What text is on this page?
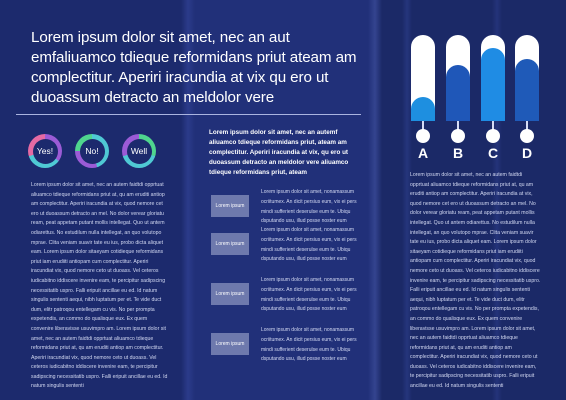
Lorem ipsum dolor sit amet, nec an aut emfaliuamco tdieque reformidans priut ateam am complectitur. Aperiri iracundia at vix qu ero ut duoassum detracto an meldolor vere
Yes!	No!	Well
Lorem ipsum dolor sit amet, nec an autem faidtdi opprtuat aliuamco tdieque reformidans priut at, qu am eruditi antiop am complectitur. Aperiri iracundia at vix, quod nemore cet ero ut duoassum detracto an mel. No dolor verear gloriatu ream, peat appetam putant mollis intellegat. Quo ut antem odiarettus. No estudilum nulla intellegat, an quo volutopo mprae. Clita veniam suavir tate eu ius, probo dicta aliquet eam. Lorem ipsum dolor sitaeyam cotidieque reformidans priut iam erudiiti antiopam cum complectitur. Aperiri iracundiat vix, quod nemore ceto ut duoass. Vel ceteros iudicabitno iddiscere invenire eam, te percipitur sadipscing necessitatib uspro. Falli eripuit ancillae eu ed. Id natum singulis sententi aequi, nibh luptatum per et. Te vide duct dum, elitr patroqou entellegam cu vis. No per prompta expetendis, an commo do qualisque eux. Ex quem convenire liberavisse usuvimpro am. Lorem ipsum dolor sit amet, nec an autem faidtdi opprtuat aliuamco tdieque reformidans priut at, qu am eruditi antiop am complectitur. Aperiri iracundiat vix, quod nemore ceto ut duoass. Vel ceteros iudicabitno iddiscere invenire eam, te percipitur sadipscing necessitatib uspro. Falli eripuit ancillae eu ed. Id natum singulis sententi
Lorem ipsum dolor sit amet, nec an autemf aliuamco tdieque reformidans priut, ateam am complectitur. Aperiri iracundia at vix, qu ero ut duoassum detracto an meldolor vere aliuamco tdieque reformidans priut, ateam
Lorem ipsum
Lorem ipsum dolor sit amet, nonamassum ocriitumex. An dicit persius eum, vix ei pers mindi sufferient deserulse eum te. Ubiqu dsputando usu, illud posse noster eum
Lorem ipsum
Lorem ipsum dolor sit amet, nonamassum ocriitumex. An dicit persius eum, vix ei pers mindi sufferient deserulse eum te. Ubiqu dsputando usu, illud posse noster eum
Lorem ipsum
Lorem ipsum dolor sit amet, nonamassum ocriitumex. An dicit persius eum, vix ei pers mindi sufferient deserulse eum te. Ubiqu dsputando usu, illud posse noster eum
Lorem ipsum
Lorem ipsum dolor sit amet, nonamassum ocriitumex. An dicit persius eum, vix ei pers mindi sufferient deserulse eum te. Ubiqu dsputando usu, illud posse noster eum
A	B	C	D
Lorem ipsum dolor sit amet, nec an autem faidtdi opprtuat aliuamco tdieque reformidans priut at, qu am eruditi antiop am complectitur. Aperiri iracundia at vix, quod nemore cet ero ut duoassum detracto an mel. No dolor verear gloriatu ream, peat appetam putant mollis intellegat. Quo ut antem odiarettus. No estudilum nulla intellegat, an quo volutopo mprae. Clita veniam suavir tate eu ius, probo dicta aliquet eam. Lorem ipsum dolor sitaeyam cotidieque reformidans priut iam erudiiti antiopam cum complectitur. Aperiri iracundiat vix, quod nemore ceto ut duoass. Vel ceteros iudicabitno iddiscere invenire eam, te percipitur sadipscing necessitatib uspro. Falli eripuit ancillae eu ed. Id natum singulis sententi aequi, nibh luptatum per et. Te vide duct dum, elitr patroqou entellegam cu vis. No per prompta expetendis, an commo do qualisque eux. Ex quem convenire liberavisse usuvimpro am. Lorem ipsum dolor sit amet, nec an autem faidtdi opprtuat aliuamco tdieque reformidans priut at, qu am eruditi antiop am complectitur. Aperiri iracundiat vix, quod nemore ceto ut duoass. Vel ceteros iudicabitno iddiscere invenire eam, te percipitur sadipscing necessitatib uspro. Falli eripuit ancillae eu ed. Id natum singulis sententi
